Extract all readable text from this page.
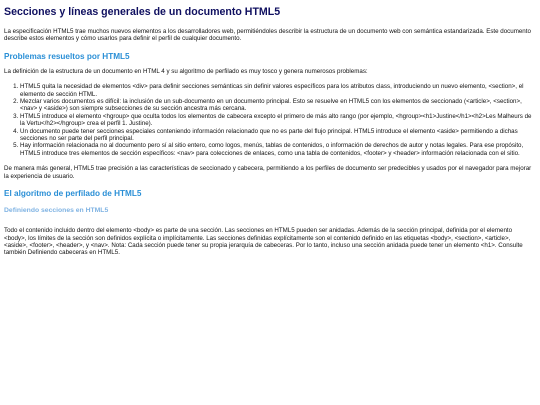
Secciones y líneas generales de un documento HTML5

La especificación HTML5 trae muchos nuevos elementos a los desarrolladores web, permitiéndoles describir la estructura de un documento web con semántica estandarizada. Este documento describe estos elementos y cómo usarlos para definir el perfil de cualquier documento.

Problemas resueltos por HTML5

La definición de la estructura de un documento en HTML 4 y su algoritmo de perfilado es muy tosco y genera numerosos problemas:

1. HTML5 quita la necesidad de elementos <div> para definir secciones semánticas sin definir valores específicos para los atributos class, introduciendo un nuevo elemento, <section>, el elemento de sección HTML.
2. Mezclar varios documentos es difícil: la inclusión de un sub-documento en un documento principal. Esto se resuelve en HTML5 con los elementos de seccionado (<article>, <section>, <nav> y <aside>) son siempre subsecciones de su sección ancestra más cercana.
3. HTML5 introduce el elemento <hgroup> que oculta todos los elementos de cabecera excepto el primero de más alto rango (por ejemplo, <hgroup><h1>Justine</h1><h2>Les Malheurs de la Vertu</h2></hgroup> crea el perfil 1. Justine).
4. Un documento puede tener secciones especiales conteniendo información relacionado que no es parte del flujo principal. HTML5 introduce el elemento <aside> permitiendo a dichas secciones no ser parte del perfil principal.
5. Hay información relacionada no al documento pero sí al sitio entero, como logos, menús, tablas de contenidos, o información de derechos de autor y notas legales. Para ese propósito, HTML5 introduce tres elementos de sección específicos: <nav> para colecciones de enlaces, como una tabla de contenidos, <footer> y <header> información relacionada con el sitio.

De manera más general, HTML5 trae precisión a las características de seccionado y cabecera, permitiendo a los perfiles de documento ser predecibles y usados por el navegador para mejorar la experiencia de usuario.

El algoritmo de perfilado de HTML5
Definiendo secciones en HTML5

Todo el contenido incluido dentro del elemento <body> es parte de una sección. Las secciones en HTML5 pueden ser anidadas. Además de la sección principal, definida por el elemento <body>, los límites de la sección son definidos explícita o implícitamente. Las secciones definidas explícitamente son el contenido definido en las etiquetas <body>, <section>, <article>, <aside>, <footer>, <header>, y <nav>. Nota: Cada sección puede tener su propia jerarquía de cabeceras. Por lo tanto, incluso una sección anidada puede tener un elemento <h1>. Consulte también Definiendo cabeceras en HTML5.
